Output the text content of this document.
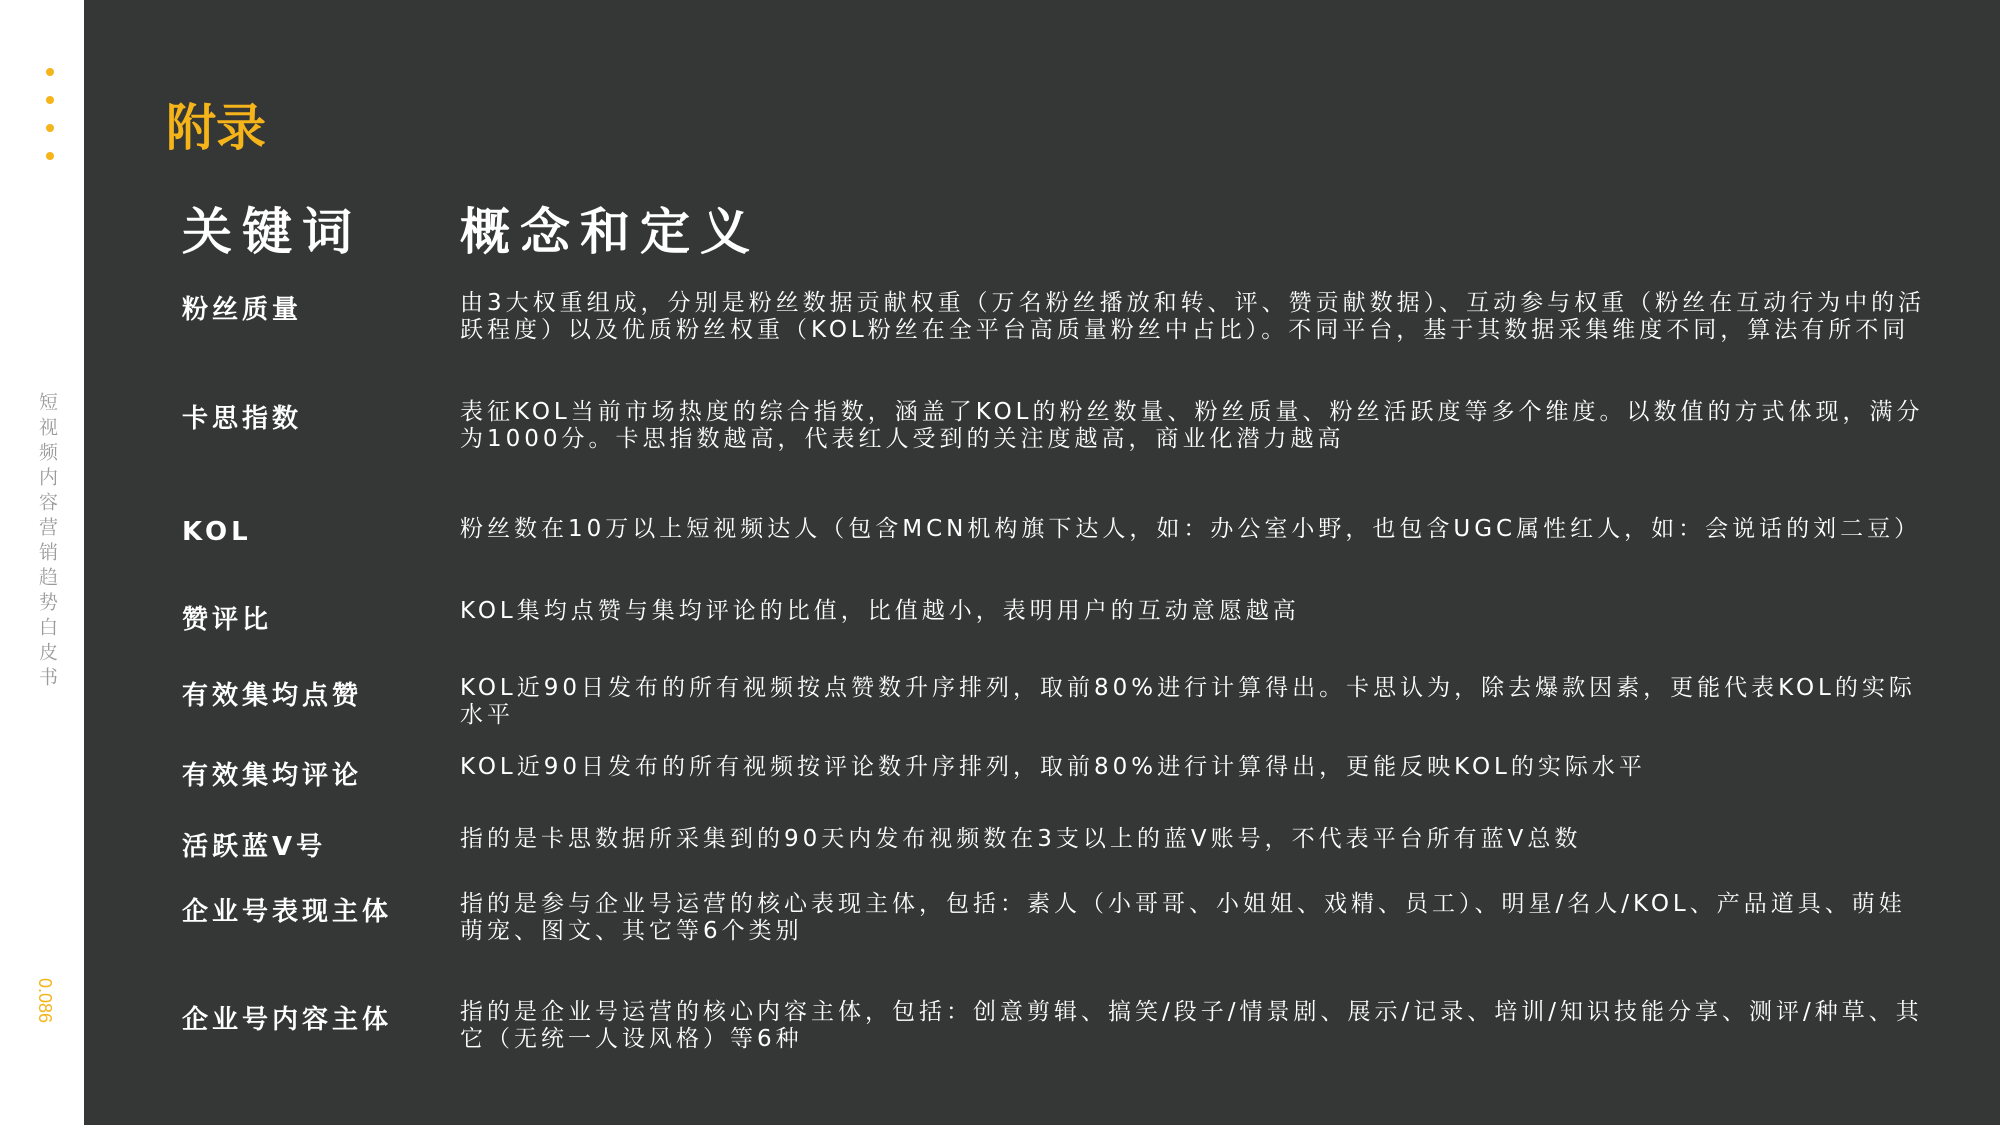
短视频内容营销趋势白皮书
0.086
附录
关键词 概念和定义
粉丝质量	由3大权重组成，分别是粉丝数据贡献权重（万名粉丝播放和转、评、赞贡献数据）、互动参与权重（粉丝在互动行为中的活跃程度）以及优质粉丝权重（KOL粉丝在全平台高质量粉丝中占比）。不同平台，基于其数据采集维度不同，算法有所不同
卡思指数	表征KOL当前市场热度的综合指数，涵盖了KOL的粉丝数量、粉丝质量、粉丝活跃度等多个维度。以数值的方式体现，满分为1000分。卡思指数越高，代表红人受到的关注度越高，商业化潜力越高
KOL	粉丝数在10万以上短视频达人（包含MCN机构旗下达人，如：办公室小野，也包含UGC属性红人，如：会说话的刘二豆）
赞评比	KOL集均点赞与集均评论的比值，比值越小，表明用户的互动意愿越高
有效集均点赞	KOL近90日发布的所有视频按点赞数升序排列，取前80%进行计算得出。卡思认为，除去爆款因素，更能代表KOL的实际水平
有效集均评论	KOL近90日发布的所有视频按评论数升序排列，取前80%进行计算得出，更能反映KOL的实际水平
活跃蓝V号	指的是卡思数据所采集到的90天内发布视频数在3支以上的蓝V账号，不代表平台所有蓝V总数
企业号表现主体	指的是参与企业号运营的核心表现主体，包括：素人（小哥哥、小姐姐、戏精、员工）、明星/名人/KOL、产品道具、萌娃萌宠、图文、其它等6个类别
企业号内容主体	指的是企业号运营的核心内容主体，包括：创意剪辑、搞笑/段子/情景剧、展示/记录、培训/知识技能分享、测评/种草、其它（无统一人设风格）等6种
